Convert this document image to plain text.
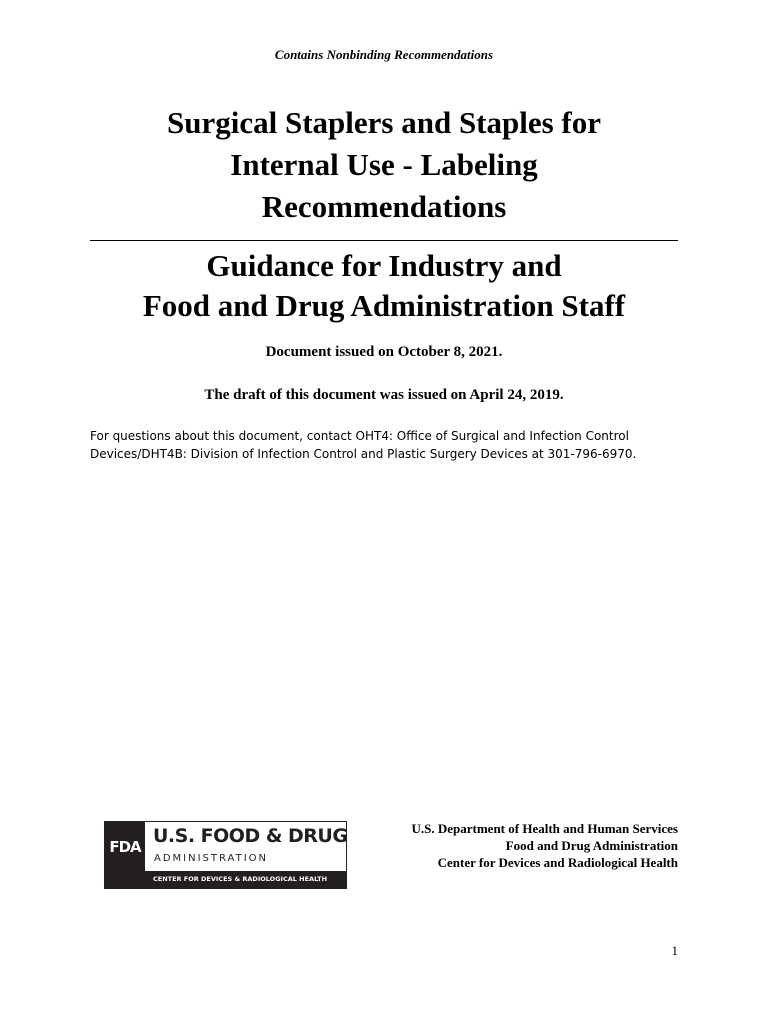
Contains Nonbinding Recommendations
Surgical Staplers and Staples for
Internal Use - Labeling
Recommendations
Guidance for Industry and
Food and Drug Administration Staff
Document issued on October 8, 2021.
The draft of this document was issued on April 24, 2019.
For questions about this document, contact OHT4: Office of Surgical and Infection Control
Devices/DHT4B: Division of Infection Control and Plastic Surgery Devices at 301-796-6970.
FDA U.S. FOOD & DRUG
ADMINISTRATION
CENTER FOR DEVICES & RADIOLOGICAL HEALTH
U.S. Department of Health and Human Services
Food and Drug Administration
Center for Devices and Radiological Health
1
